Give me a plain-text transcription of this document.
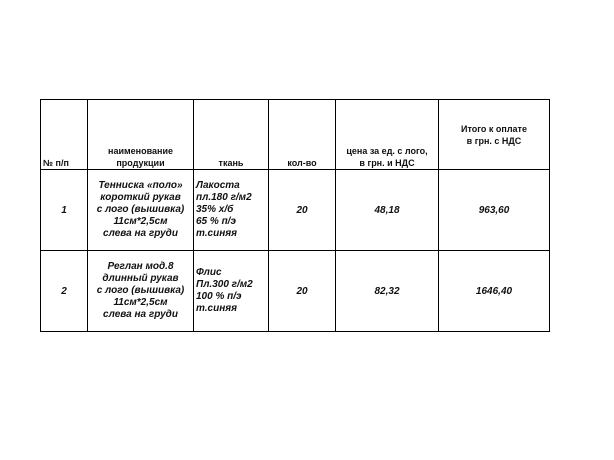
№ п/п	наименование
продукции	ткань	кол-во	цена за ед. с лого,
в грн. и НДС	Итого к оплате
в грн. с НДС

1	Тенниска «поло»
короткий рукав
с лого (вышивка)
11см*2,5см
слева на груди	Лакоста
пл.180 г/м2
35% х/б
65 % п/э
т.синяя	20	48,18	963,60
2	Реглан мод.8
длинный рукав
с лого (вышивка)
11см*2,5см
слева на груди	Флис
Пл.300 г/м2
100 % п/э
т.синяя	20	82,32	1646,40
